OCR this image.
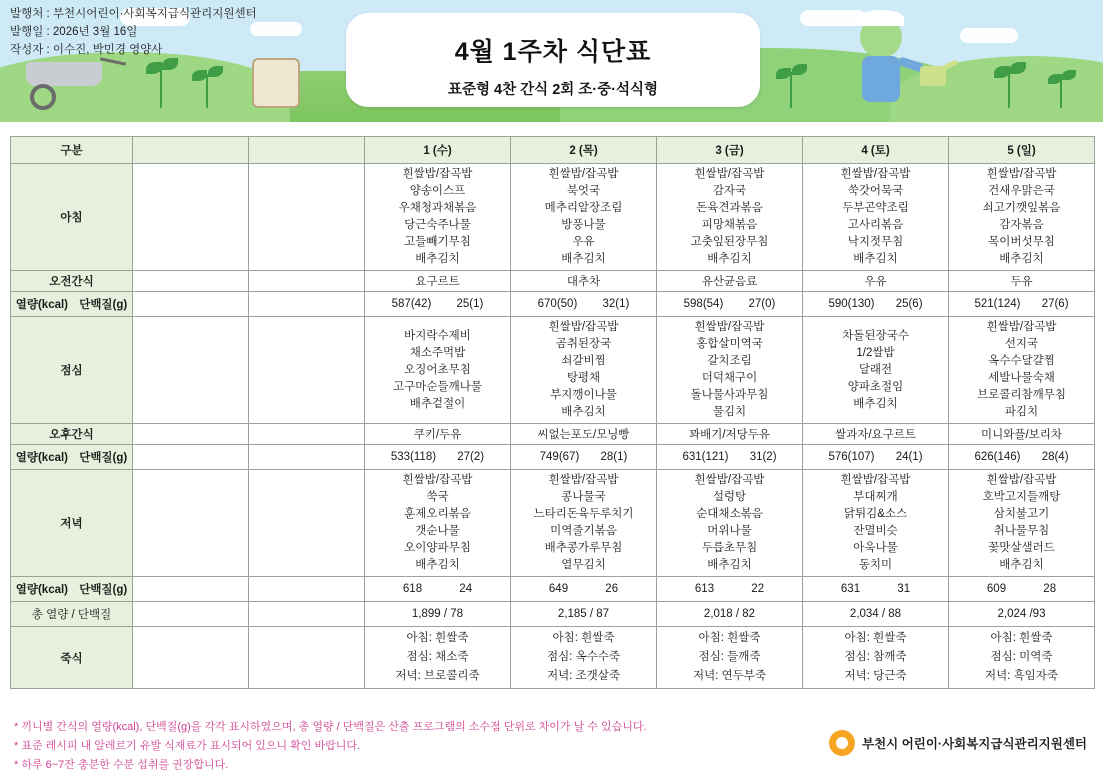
발행처 : 부천시어린이·사회복지급식관리지원센터
발행일 : 2026년 3월 16일
작성자 : 이수진, 박민경 영양사	4월 1주차 식단표
표준형 4찬 간식 2회 조·중·석식형
구분			1 (수)	2 (목)	3 (금)	4 (토)	5 (일)
아침			흰쌀밥/잡곡밥
양송이스프
우채청과채볶음
당근숙주나물
고들빼기무침
배추김치	흰쌀밥/잡곡밥
북엇국
메추리알장조림
방풍나물
우유
배추김치	흰쌀밥/잡곡밥
감자국
돈육견과볶음
피망채볶음
고춧잎된장무침
배추김치	흰쌀밥/잡곡밥
쑥갓어묵국
두부곤약조림
고사리볶음
낙지젓무침
배추김치	흰쌀밥/잡곡밥
건새우맑은국
쇠고기깻잎볶음
감자볶음
목이버섯무침
배추김치
오전간식			요구르트	대추차	유산균음료	우유	두유
열량(kcal) 단백질(g)			587(42) 25(1)	670(50) 32(1)	598(54) 27(0)	590(130) 25(6)	521(124) 27(6)
점심			바지락수제비
채소주먹밥
오징어초무침
고구마순들깨나물
배추겉절이	흰쌀밥/잡곡밥
곰취된장국
쇠갈비찜
탕평채
부지깽이나물
배추김치	흰쌀밥/잡곡밥
홍합살미역국
갈치조림
더덕채구이
돌나물사과무침
물김치	차돌된장국수
1/2쌀밥
달래전
양파초절임
배추김치	흰쌀밥/잡곡밥
선지국
옥수수달걀찜
세발나물숙채
브로콜리참깨무침
파김치
오후간식			쿠키/두유	씨없는포도/모닝빵	꽈배기/저당두유	쌀과자/요구르트	미니와플/보리차
열량(kcal) 단백질(g)			533(118) 27(2)	749(67) 28(1)	631(121) 31(2)	576(107) 24(1)	626(146) 28(4)
저녁			흰쌀밥/잡곡밥
쑥국
훈제오리볶음
갯순나물
오이양파무침
배추김치	흰쌀밥/잡곡밥
콩나물국
느타리돈육두루치기
미역줄기볶음
배추콩가루무침
열무김치	흰쌀밥/잡곡밥
설렁탕
순대채소볶음
머위나물
두릅초무침
배추김치	흰쌀밥/잡곡밥
부대찌개
닭튀김&소스
잔멸비슷
아욱나물
동치미	흰쌀밥/잡곡밥
호박고지들깨탕
삼치불고기
취나물무침
꽃맛살샐러드
배추김치
열량(kcal) 단백질(g)			618 24	649 26	613 22	631 31	609 28
총 열량 / 단백질			1,899 / 78	2,185 / 87	2,018 / 82	2,034 / 88	2,024 /93
죽식			아침: 흰쌀죽
점심: 채소죽
저녁: 브로콜리죽	아침: 흰쌀죽
점심: 옥수수죽
저녁: 조갯살죽	아침: 흰쌀죽
점심: 들깨죽
저녁: 연두부죽	아침: 흰쌀죽
점심: 참깨죽
저녁: 당근죽	아침: 흰쌀죽
점심: 미역죽
저녁: 흑임자죽
* 끼니별 간식의 열량(kcal), 단백질(g)을 각각 표시하였으며, 총 열량 / 단백질은 산출 프로그램의 소수점 단위로 차이가 날 수 있습니다.
* 표준 레시피 내 알레르기 유발 식재료가 표시되어 있으니 확인 바랍니다.
* 하루 6~7잔 충분한 수분 섭취를 권장합니다.
부천시 어린이·사회복지급식관리지원센터
